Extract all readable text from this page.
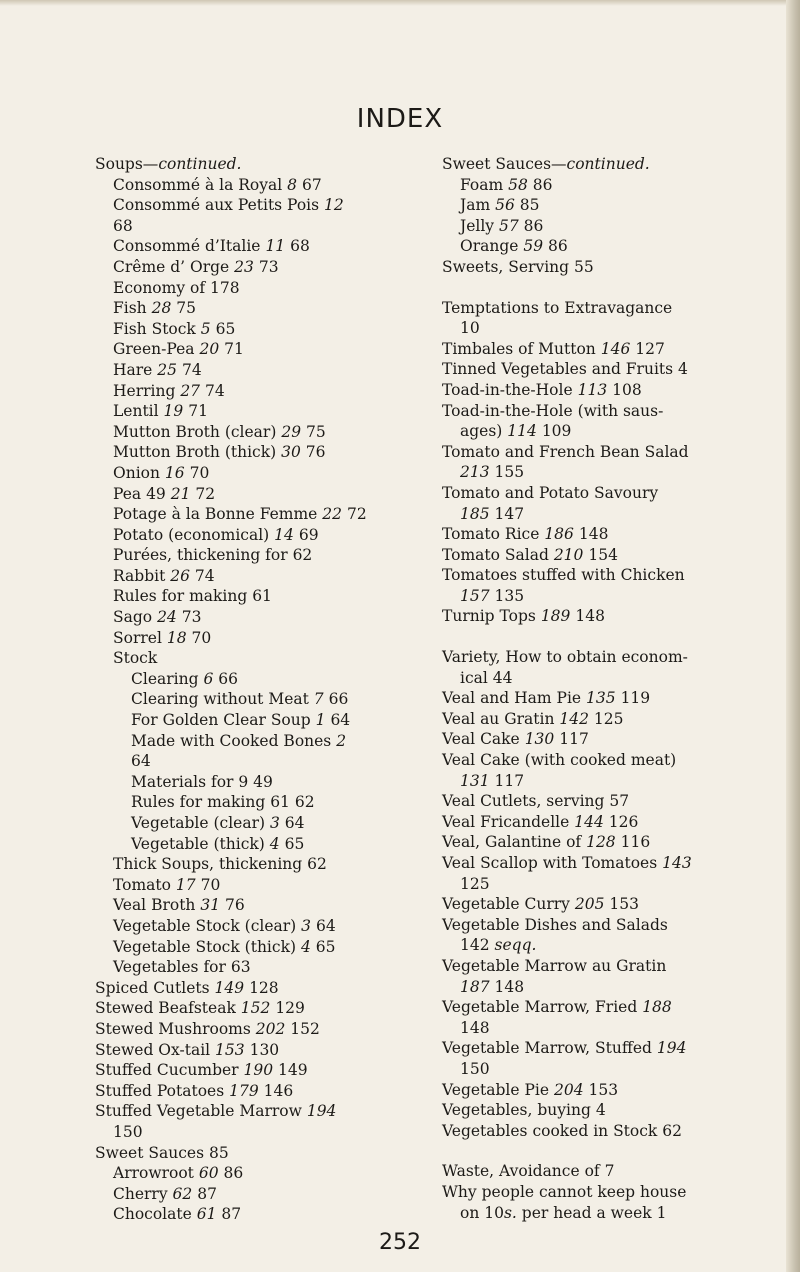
INDEX
Soups—continued.
Consommé à la Royal 8 67
Consommé aux Petits Pois 12
68
Consommé d’Italie 11 68
Crême d’ Orge 23 73
Economy of 178
Fish 28 75
Fish Stock 5 65
Green-Pea 20 71
Hare 25 74
Herring 27 74
Lentil 19 71
Mutton Broth (clear) 29 75
Mutton Broth (thick) 30 76
Onion 16 70
Pea 49 21 72
Potage à la Bonne Femme 22 72
Potato (economical) 14 69
Purées, thickening for 62
Rabbit 26 74
Rules for making 61
Sago 24 73
Sorrel 18 70
Stock
Clearing 6 66
Clearing without Meat 7 66
For Golden Clear Soup 1 64
Made with Cooked Bones 2
64
Materials for 9 49
Rules for making 61 62
Vegetable (clear) 3 64
Vegetable (thick) 4 65
Thick Soups, thickening 62
Tomato 17 70
Veal Broth 31 76
Vegetable Stock (clear) 3 64
Vegetable Stock (thick) 4 65
Vegetables for 63
Spiced Cutlets 149 128
Stewed Beafsteak 152 129
Stewed Mushrooms 202 152
Stewed Ox-tail 153 130
Stuffed Cucumber 190 149
Stuffed Potatoes 179 146
Stuffed Vegetable Marrow 194
150
Sweet Sauces 85
Arrowroot 60 86
Cherry 62 87
Chocolate 61 87
Sweet Sauces—continued.
Foam 58 86
Jam 56 85
Jelly 57 86
Orange 59 86
Sweets, Serving 55
Temptations to Extravagance
10
Timbales of Mutton 146 127
Tinned Vegetables and Fruits 4
Toad-in-the-Hole 113 108
Toad-in-the-Hole (with saus-
ages) 114 109
Tomato and French Bean Salad
213 155
Tomato and Potato Savoury
185 147
Tomato Rice 186 148
Tomato Salad 210 154
Tomatoes stuffed with Chicken
157 135
Turnip Tops 189 148
Variety, How to obtain econom-
ical 44
Veal and Ham Pie 135 119
Veal au Gratin 142 125
Veal Cake 130 117
Veal Cake (with cooked meat)
131 117
Veal Cutlets, serving 57
Veal Fricandelle 144 126
Veal, Galantine of 128 116
Veal Scallop with Tomatoes 143
125
Vegetable Curry 205 153
Vegetable Dishes and Salads
142 seqq.
Vegetable Marrow au Gratin
187 148
Vegetable Marrow, Fried 188
148
Vegetable Marrow, Stuffed 194
150
Vegetable Pie 204 153
Vegetables, buying 4
Vegetables cooked in Stock 62
Waste, Avoidance of 7
Why people cannot keep house
on 10s. per head a week 1
252
